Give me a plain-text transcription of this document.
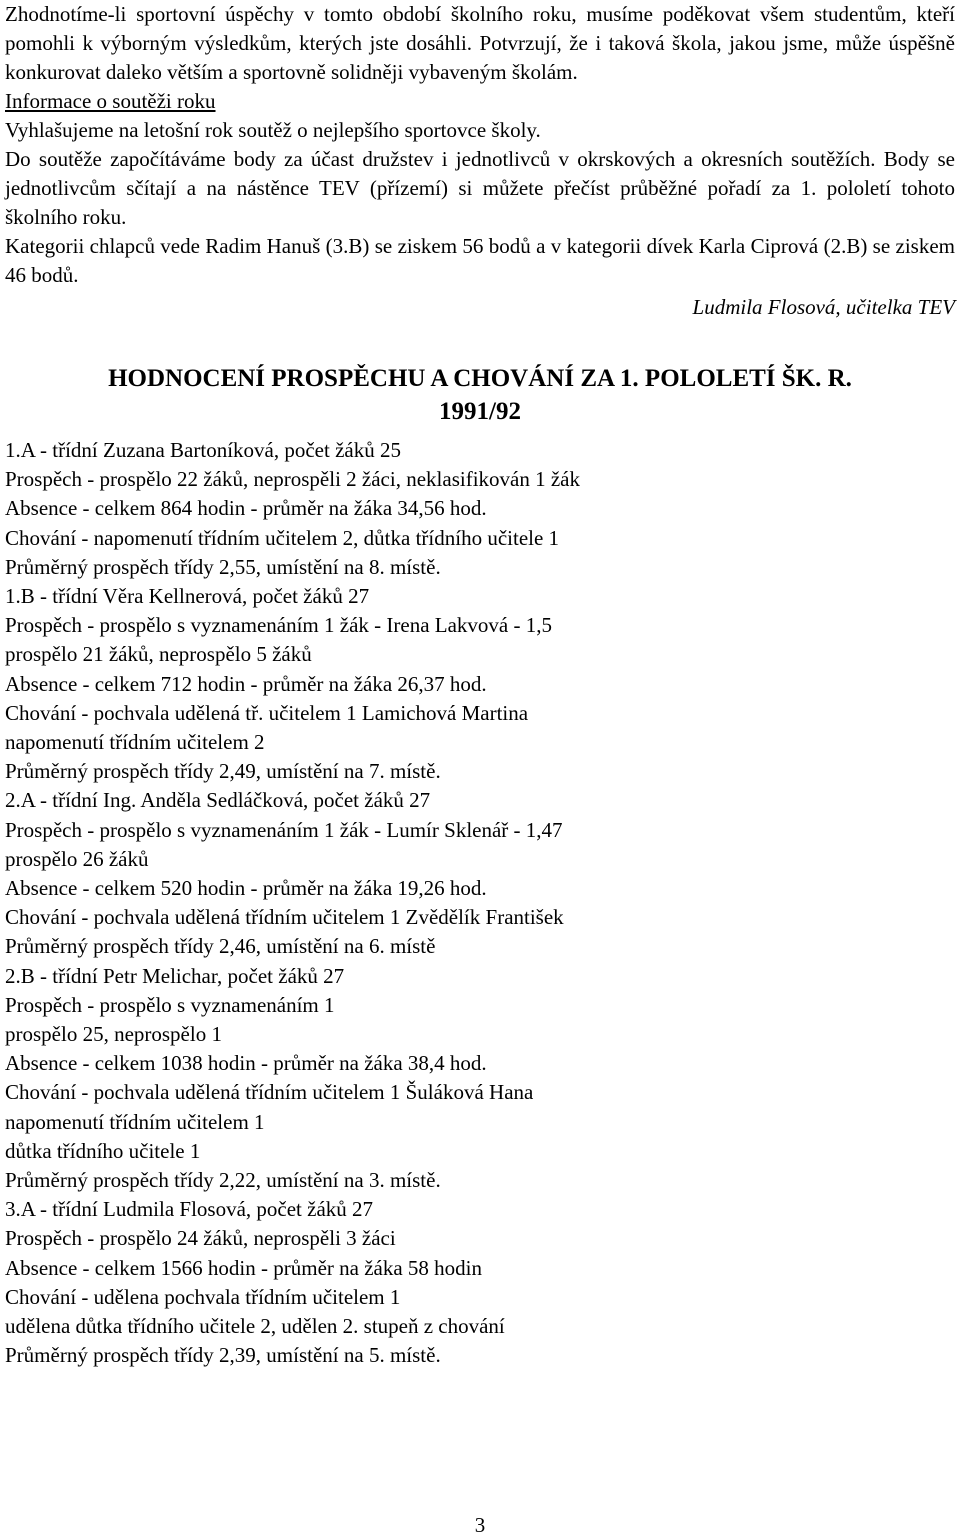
Zhodnotíme-li sportovní úspěchy v tomto období školního roku, musíme poděkovat všem studentům, kteří pomohli k výborným výsledkům, kterých jste dosáhli. Potvrzují, že i taková škola, jakou jsme, může úspěšně konkurovat daleko větším a sportovně solidněji vybaveným školám.

Informace o soutěži roku

Vyhlašujeme na letošní rok soutěž o nejlepšího sportovce školy.

Do soutěže započítáváme body za účast družstev i jednotlivců v okrskových a okresních soutěžích. Body se jednotlivcům sčítají a na nástěnce TEV (přízemí) si můžete přečíst průběžné pořadí za 1. pololetí tohoto školního roku.

Kategorii chlapců vede Radim Hanuš (3.B) se ziskem 56 bodů a v kategorii dívek Karla Ciprová (2.B) se ziskem 46 bodů.

Ludmila Flosová, učitelka TEV
HODNOCENÍ PROSPĚCHU A CHOVÁNÍ ZA 1. POLOLETÍ ŠK. R.
1991/92

1.A - třídní Zuzana Bartoníková, počet žáků 25

Prospěch - prospělo 22 žáků, neprospěli 2 žáci, neklasifikován 1 žák

Absence - celkem 864 hodin - průměr na žáka 34,56 hod.

Chování - napomenutí třídním učitelem 2, důtka třídního učitele 1

Průměrný prospěch třídy 2,55, umístění na 8. místě.

1.B - třídní Věra Kellnerová, počet žáků 27

Prospěch - prospělo s vyznamenáním 1 žák - Irena Lakvová - 1,5

prospělo 21 žáků, neprospělo 5 žáků

Absence - celkem 712 hodin - průměr na žáka 26,37 hod.

Chování - pochvala udělená tř. učitelem 1 Lamichová Martina

napomenutí třídním učitelem 2

Průměrný prospěch třídy 2,49, umístění na 7. místě.

2.A - třídní Ing. Anděla Sedláčková, počet žáků 27

Prospěch - prospělo s vyznamenáním 1 žák - Lumír Sklenář - 1,47

prospělo 26 žáků

Absence - celkem 520 hodin - průměr na žáka 19,26 hod.

Chování - pochvala udělená třídním učitelem 1 Zvědělík František

Průměrný prospěch třídy 2,46, umístění na 6. místě

2.B - třídní Petr Melichar, počet žáků 27

Prospěch - prospělo s vyznamenáním 1

prospělo 25, neprospělo 1

Absence - celkem 1038 hodin - průměr na žáka 38,4 hod.

Chování - pochvala udělená třídním učitelem 1 Šuláková Hana

napomenutí třídním učitelem 1

důtka třídního učitele 1

Průměrný prospěch třídy 2,22, umístění na 3. místě.

3.A - třídní Ludmila Flosová, počet žáků 27

Prospěch - prospělo 24 žáků, neprospěli 3 žáci

Absence - celkem 1566 hodin - průměr na žáka 58 hodin

Chování - udělena pochvala třídním učitelem 1

udělena důtka třídního učitele 2, udělen 2. stupeň z chování

Průměrný prospěch třídy 2,39, umístění na 5. místě.

3
